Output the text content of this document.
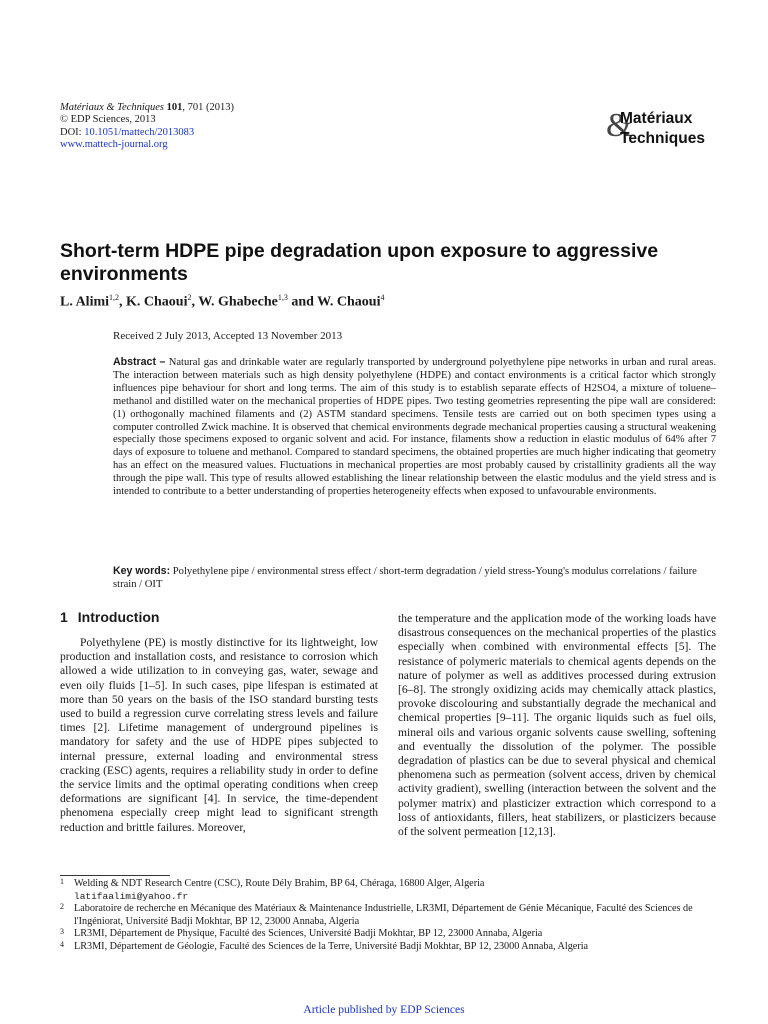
Matériaux & Techniques 101, 701 (2013)
© EDP Sciences, 2013
DOI: 10.1051/mattech/2013083
www.mattech-journal.org
&
Matériaux
Techniques
Short-term HDPE pipe degradation upon exposure to aggressive environments
L. Alimi$^{1,2}$, K. Chaoui$^2$, W. Ghabeche$^{1,3}$ and W. Chaoui$^4$
Received 2 July 2013, Accepted 13 November 2013
Abstract – Natural gas and drinkable water are regularly transported by underground polyethylene pipe networks in urban and rural areas. The interaction between materials such as high density polyethylene (HDPE) and contact environments is a critical factor which strongly influences pipe behaviour for short and long terms. The aim of this study is to establish separate effects of H2SO4, a mixture of toluene–methanol and distilled water on the mechanical properties of HDPE pipes. Two testing geometries representing the pipe wall are considered: (1) orthogonally machined filaments and (2) ASTM standard specimens. Tensile tests are carried out on both specimen types using a computer controlled Zwick machine. It is observed that chemical environments degrade mechanical properties causing a structural weakening especially those specimens exposed to organic solvent and acid. For instance, filaments show a reduction in elastic modulus of 64% after 7 days of exposure to toluene and methanol. Compared to standard specimens, the obtained properties are much higher indicating that geometry has an effect on the measured values. Fluctuations in mechanical properties are most probably caused by cristallinity gradients all the way through the pipe wall. This type of results allowed establishing the linear relationship between the elastic modulus and the yield stress and is intended to contribute to a better understanding of properties heterogeneity effects when exposed to unfavourable environments.
Key words: Polyethylene pipe / environmental stress effect / short-term degradation / yield stress-Young's modulus correlations / failure strain / OIT
1 Introduction
Polyethylene (PE) is mostly distinctive for its lightweight, low production and installation costs, and resistance to corrosion which allowed a wide utilization to in conveying gas, water, sewage and even oily fluids [1–5]. In such cases, pipe lifespan is estimated at more than 50 years on the basis of the ISO standard bursting tests used to build a regression curve correlating stress levels and failure times [2]. Lifetime management of underground pipelines is mandatory for safety and the use of HDPE pipes subjected to internal pressure, external loading and environmental stress cracking (ESC) agents, requires a reliability study in order to define the service limits and the optimal operating conditions when creep deformations are significant [4]. In service, the time-dependent phenomena especially creep might lead to significant strength reduction and brittle failures. Moreover,
the temperature and the application mode of the working loads have disastrous consequences on the mechanical properties of the plastics especially when combined with environmental effects [5]. The resistance of polymeric materials to chemical agents depends on the nature of polymer as well as additives processed during extrusion [6–8]. The strongly oxidizing acids may chemically attack plastics, provoke discolouring and substantially degrade the mechanical and chemical properties [9–11]. The organic liquids such as fuel oils, mineral oils and various organic solvents cause swelling, softening and eventually the dissolution of the polymer. The possible degradation of plastics can be due to several physical and chemical phenomena such as permeation (solvent access, driven by chemical activity gradient), swelling (interaction between the solvent and the polymer matrix) and plasticizer extraction which correspond to a loss of antioxidants, fillers, heat stabilizers, or plasticizers because of the solvent permeation [12,13].
1 Welding & NDT Research Centre (CSC), Route Dély Brahim, BP 64, Chéraga, 16800 Alger, Algeria
latifaalimi@yahoo.fr
2 Laboratoire de recherche en Mécanique des Matériaux & Maintenance Industrielle, LR3MI, Département de Génie Mécanique, Faculté des Sciences de l'Ingéniorat, Université Badji Mokhtar, BP 12, 23000 Annaba, Algeria
3 LR3MI, Département de Physique, Faculté des Sciences, Université Badji Mokhtar, BP 12, 23000 Annaba, Algeria
4 LR3MI, Département de Géologie, Faculté des Sciences de la Terre, Université Badji Mokhtar, BP 12, 23000 Annaba, Algeria
Article published by EDP Sciences
